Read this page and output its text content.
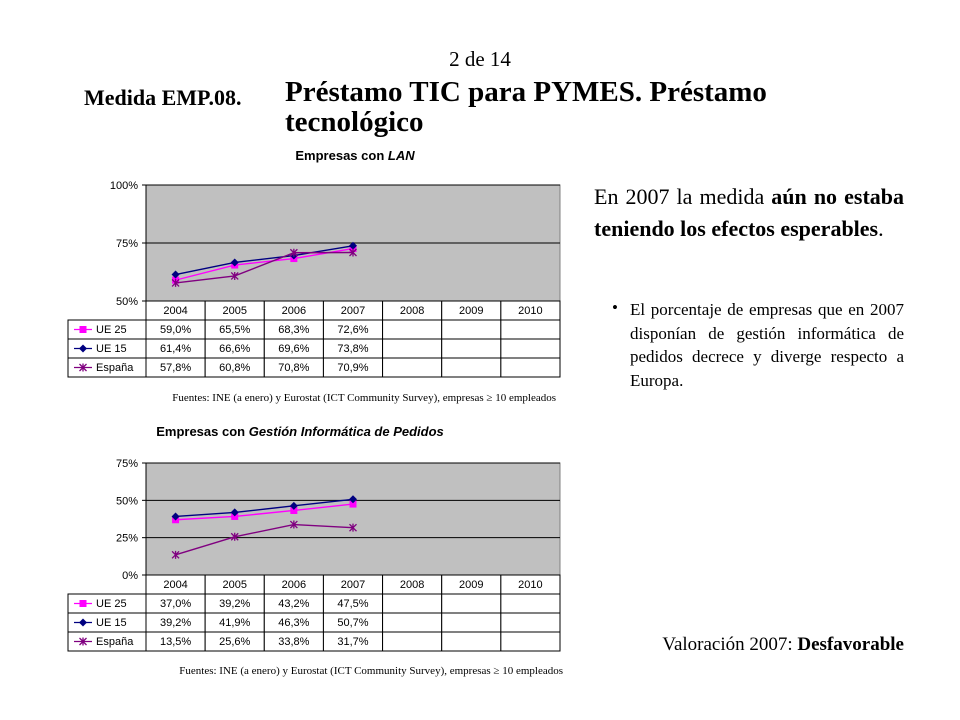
2 de 14
Medida EMP.08. Préstamo TIC para PYMES. Préstamo
tecnológico
Empresas con LAN
100%
75%
50%
2004	2005	2006	2007	2008	2009	2010
UE 25	59,0%	65,5%	68,3%	72,6%
UE 15	61,4%	66,6%	69,6%	73,8%
España 57,8%	60,8%	70,8%	70,9%
Fuentes: INE (a enero) y Eurostat (ICT Community Survey), empresas ≥ 10 empleados
Empresas con Gestión Informática de Pedidos
75%
50%
25%
0%
2004	2005	2006	2007	2008	2009	2010
UE 25	37,0%	39,2%	43,2%	47,5%
UE 15	39,2%	41,9%	46,3%	50,7%
España 13,5%	25,6%	33,8%	31,7%
Fuentes: INE (a enero) y Eurostat (ICT Community Survey), empresas ≥ 10 empleados
En 2007 la medida aún no estaba teniendo los efectos esperables.
• El porcentaje de empresas que en 2007 disponían de gestión informática de pedidos decrece y diverge respecto a Europa.
Valoración 2007: Desfavorable
